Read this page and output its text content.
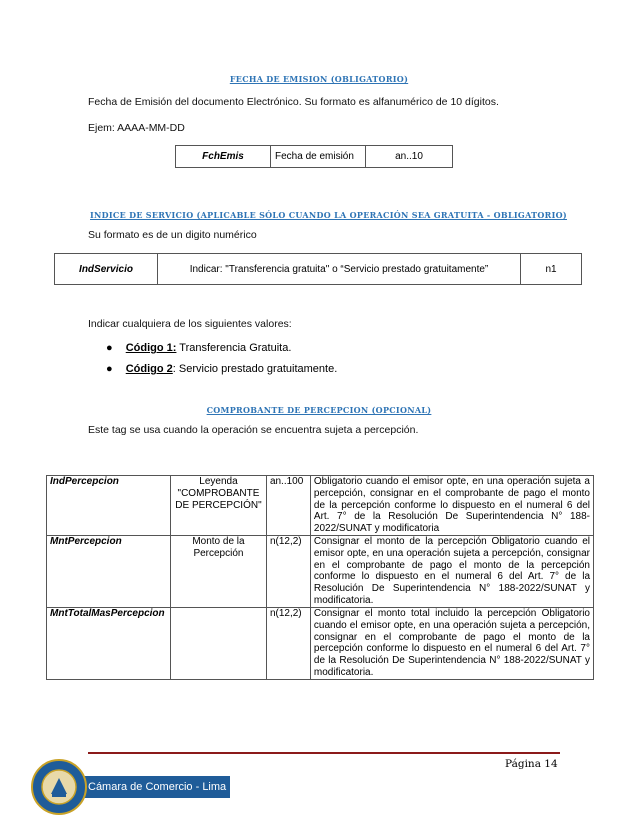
FECHA DE EMISION (OBLIGATORIO)
Fecha de Emisión del documento Electrónico. Su formato es alfanumérico de 10 dígitos.
Ejem: AAAA-MM-DD
FchEmis	Fecha de emisión	an..10
INDICE DE SERVICIO (APLICABLE SÓLO CUANDO LA OPERACIÓN SEA GRATUITA - OBLIGATORIO)
Su formato es de un digito numérico
IndServicio	Indicar: "Transferencia gratuita" o “Servicio prestado gratuitamente”	n1
Indicar cualquiera de los siguientes valores:
● Código 1: Transferencia Gratuita.
● Código 2: Servicio prestado gratuitamente.
COMPROBANTE DE PERCEPCION (OPCIONAL)
Este tag se usa cuando la operación se encuentra sujeta a percepción.
IndPercepcion	Leyenda "COMPROBANTE DE PERCEPCIÓN"	an..100	Obligatorio cuando el emisor opte, en una operación sujeta a percepción, consignar en el comprobante de pago el monto de la percepción conforme lo dispuesto en el numeral 6 del Art. 7° de la Resolución De Superintendencia N° 188-2022/SUNAT y modificatoria
MntPercepcion	Monto de la Percepción	n(12,2)	Consignar el monto de la percepción Obligatorio cuando el emisor opte, en una operación sujeta a percepción, consignar en el comprobante de pago el monto de la percepción conforme lo dispuesto en el numeral 6 del Art. 7° de la Resolución De Superintendencia N° 188-2022/SUNAT y modificatoria.
MntTotalMasPercepcion		n(12,2)	Consignar el monto total incluido la percepción Obligatorio cuando el emisor opte, en una operación sujeta a percepción, consignar en el comprobante de pago el monto de la percepción conforme lo dispuesto en el numeral 6 del Art. 7° de la Resolución De Superintendencia N° 188-2022/SUNAT y modificatoria.
Página 14
Cámara de Comercio - Lima
